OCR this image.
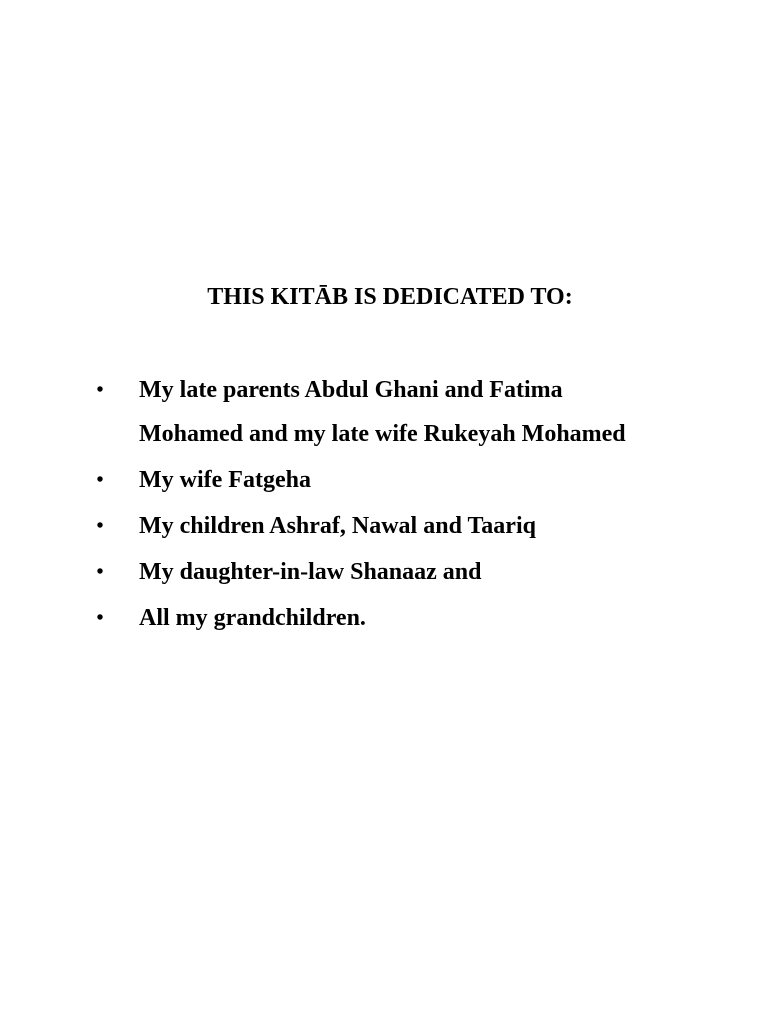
THIS KITĀB IS DEDICATED TO:
• My late parents Abdul Ghani and Fatima Mohamed and my late wife Rukeyah Mohamed
• My wife Fatgeha
• My children Ashraf, Nawal and Taariq
• My daughter-in-law Shanaaz and
• All my grandchildren.
